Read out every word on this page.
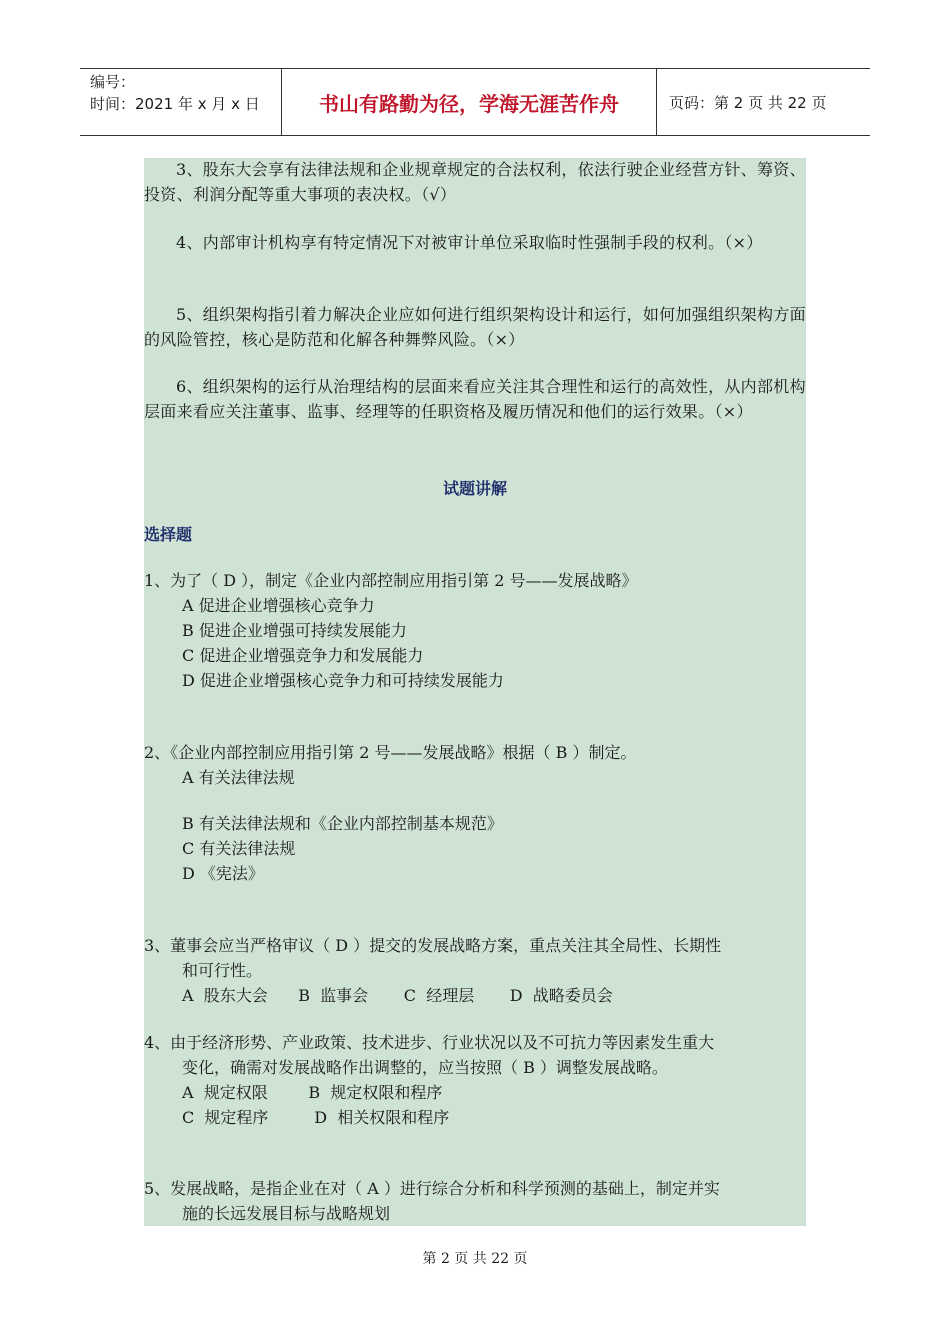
编号：
时间：2021 年 x 月 x 日	书山有路勤为径，学海无涯苦作舟	页码：第 2 页 共 22 页
3、股东大会享有法律法规和企业规章规定的合法权利，依法行驶企业经营方针、筹资、投资、利润分配等重大事项的表决权。（√）
4、内部审计机构享有特定情况下对被审计单位采取临时性强制手段的权利。（×）
5、组织架构指引着力解决企业应如何进行组织架构设计和运行，如何加强组织架构方面的风险管控，核心是防范和化解各种舞弊风险。（×）
6、组织架构的运行从治理结构的层面来看应关注其合理性和运行的高效性，从内部机构层面来看应关注董事、监事、经理等的任职资格及履历情况和他们的运行效果。（×）
试题讲解
选择题
1、为了（ D ），制定《企业内部控制应用指引第 2 号——发展战略》
A 促进企业增强核心竞争力
B 促进企业增强可持续发展能力
C 促进企业增强竞争力和发展能力
D 促进企业增强核心竞争力和可持续发展能力
2、《企业内部控制应用指引第 2 号——发展战略》根据（ B ）制定。
A 有关法律法规
B 有关法律法规和《企业内部控制基本规范》
C 有关法律法规
D 《宪法》
3、董事会应当严格审议（ D ）提交的发展战略方案，重点关注其全局性、长期性和可行性。
A  股东大会      B  监事会       C  经理层       D  战略委员会
4、由于经济形势、产业政策、技术进步、行业状况以及不可抗力等因素发生重大变化，确需对发展战略作出调整的，应当按照（ B ）调整发展战略。
A  规定权限        B  规定权限和程序
C  规定程序         D  相关权限和程序
5、发展战略，是指企业在对（ A ）进行综合分析和科学预测的基础上，制定并实施的长远发展目标与战略规划
第 2 页 共 22 页
